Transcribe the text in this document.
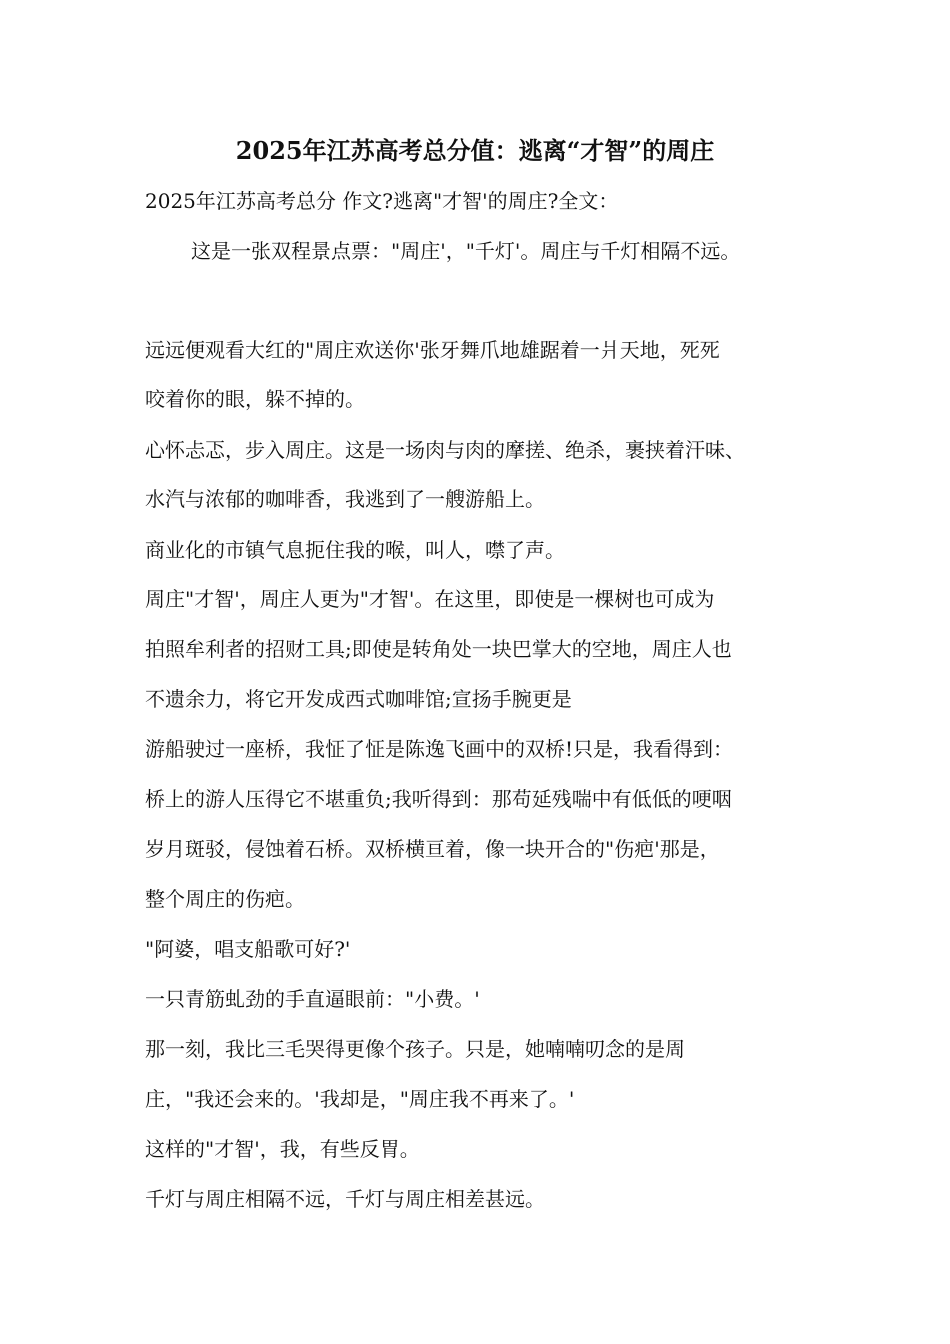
2025年江苏高考总分值：逃离“才智”的周庄
2025年江苏高考总分 作文?逃离"才智'的周庄?全文：
这是一张双程景点票："周庄'，"千灯'。周庄与千灯相隔不远。
远远便观看大红的"周庄欢送你'张牙舞爪地雄踞着一爿天地，死死
咬着你的眼，躲不掉的。
心怀忐忑，步入周庄。这是一场肉与肉的摩搓、绝杀，裹挟着汗味、
水汽与浓郁的咖啡香，我逃到了一艘游船上。
商业化的市镇气息扼住我的喉，叫人，噤了声。
周庄"才智'，周庄人更为"才智'。在这里，即使是一棵树也可成为
拍照牟利者的招财工具;即使是转角处一块巴掌大的空地，周庄人也
不遗余力，将它开发成西式咖啡馆;宣扬手腕更是
游船驶过一座桥，我怔了怔是陈逸飞画中的双桥!只是，我看得到：
桥上的游人压得它不堪重负;我听得到：那苟延残喘中有低低的哽咽
岁月斑驳，侵蚀着石桥。双桥横亘着，像一块开合的"伤疤'那是，
整个周庄的伤疤。
"阿婆，唱支船歌可好?'
一只青筋虬劲的手直逼眼前："小费。'
那一刻，我比三毛哭得更像个孩子。只是，她喃喃叨念的是周
庄，"我还会来的。'我却是，"周庄我不再来了。'
这样的"才智'，我，有些反胃。
千灯与周庄相隔不远，千灯与周庄相差甚远。
